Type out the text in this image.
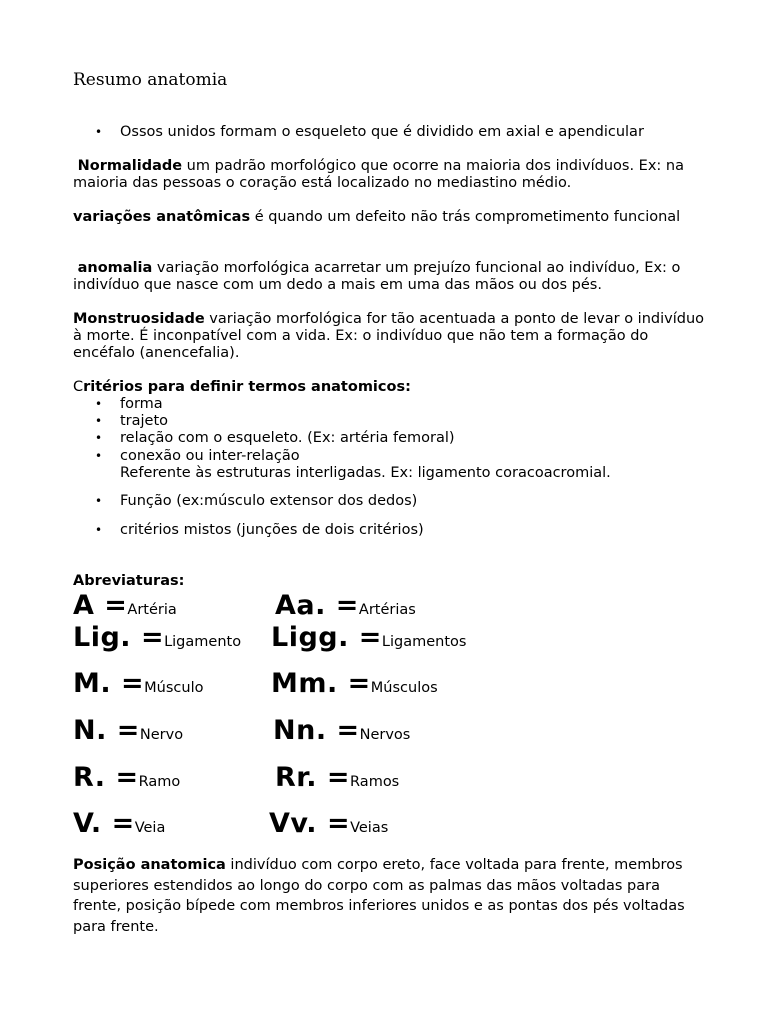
Resumo anatomia
• Ossos unidos formam o esqueleto que é dividido em axial e apendicular

Normalidade um padrão morfológico que ocorre na maioria dos indivíduos. Ex: na maioria das pessoas o coração está localizado no mediastino médio.

variações anatômicas é quando um defeito não trás comprometimento funcional

anomalia variação morfológica acarretar um prejuízo funcional ao indivíduo, Ex: o indivíduo que nasce com um dedo a mais em uma das mãos ou dos pés.

Monstruosidade variação morfológica for tão acentuada a ponto de levar o indivíduo à morte. É inconpatível com a vida. Ex: o indivíduo que não tem a formação do encéfalo (anencefalia).

Critérios para definir termos anatomicos:

• forma
• trajeto
• relação com o esqueleto. (Ex: artéria femoral)
• conexão ou inter-relação
Referente às estruturas interligadas. Ex: ligamento coracoacromial.
• Função (ex:músculo extensor dos dedos)
• critérios mistos (junções de dois critérios)
Abreviaturas:
A =Artéria	Aa. =Artérias
Lig. =Ligamento Ligg. =Ligamentos
M. =Músculo	Mm. =Músculos
N. =Nervo	Nn. =Nervos
R. =Ramo	Rr. =Ramos
V. =Veia	Vv. =Veias

Posição anatomica indivíduo com corpo ereto, face voltada para frente, membros superiores estendidos ao longo do corpo com as palmas das mãos voltadas para frente, posição bípede com membros inferiores unidos e as pontas dos pés voltadas para frente.
